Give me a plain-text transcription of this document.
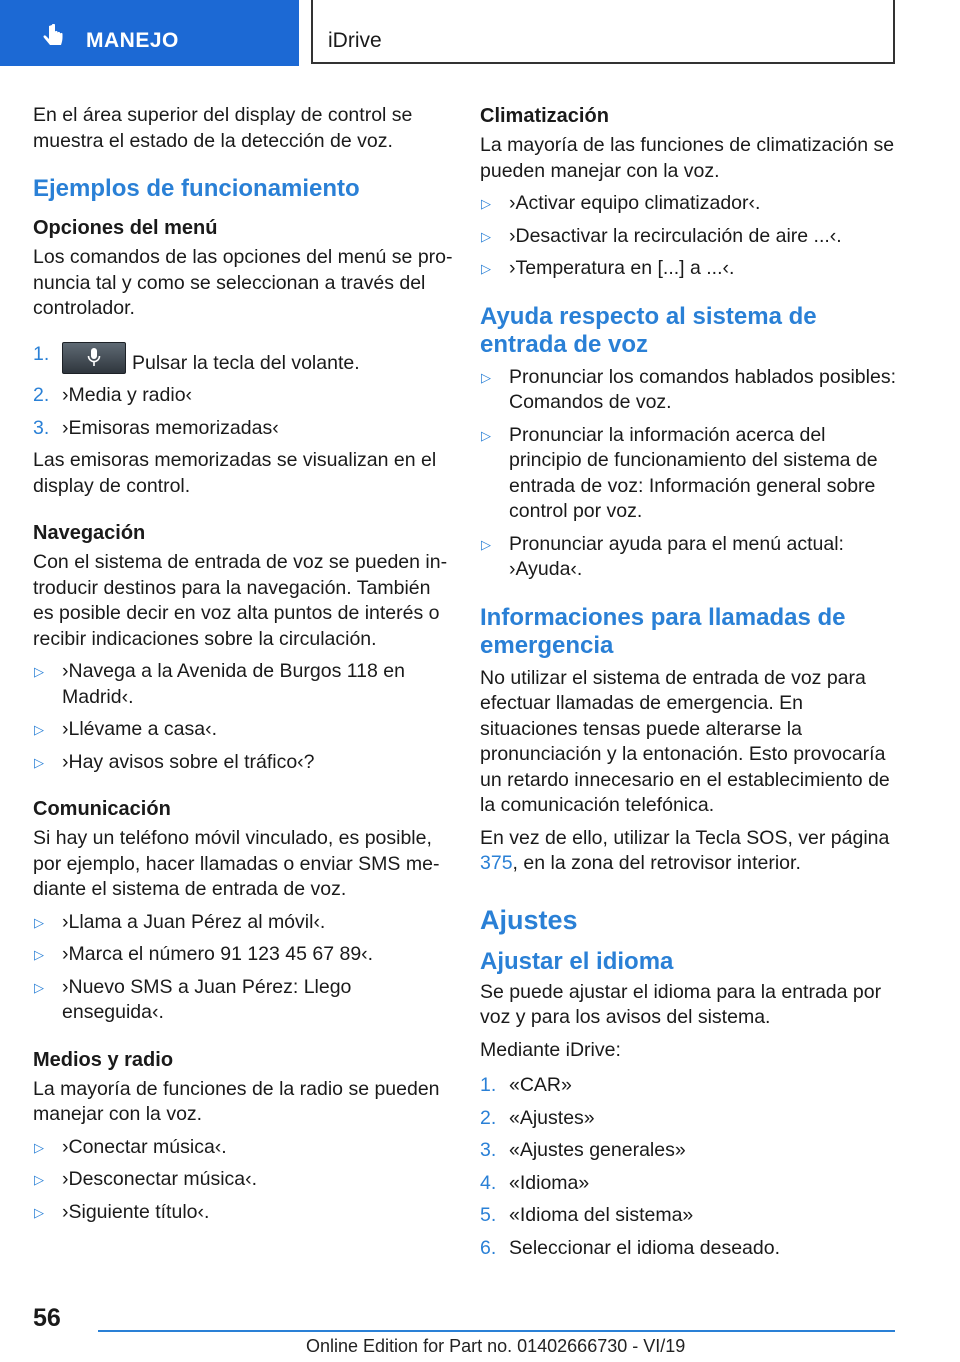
MANEJO	iDrive

En el área superior del display de control se muestra el estado de la detección de voz.

Ejemplos de funcionamiento
Opciones del menú

Los comandos de las opciones del menú se pronuncia tal y como se seleccionan a través del controlador.

1.	Pulsar la tecla del volante.
2. ›Media y radio‹
3. ›Emisoras memorizadas‹

Las emisoras memorizadas se visualizan en el display de control.

Navegación

Con el sistema de entrada de voz se pueden introducir destinos para la navegación. También es posible decir en voz alta puntos de interés o recibir indicaciones sobre la circulación.

▷ ›Navega a la Avenida de Burgos 118 en Madrid‹.
▷ ›Llévame a casa‹.
▷ ›Hay avisos sobre el tráfico‹?
Comunicación

Si hay un teléfono móvil vinculado, es posible, por ejemplo, hacer llamadas o enviar SMS mediante el sistema de entrada de voz.

▷ ›Llama a Juan Pérez al móvil‹.
▷ ›Marca el número 91 123 45 67 89‹.
▷ ›Nuevo SMS a Juan Pérez: Llego enseguida‹.
Medios y radio

La mayoría de funciones de la radio se pueden manejar con la voz.

▷ ›Conectar música‹.
▷ ›Desconectar música‹.
▷ ›Siguiente título‹.
Climatización

La mayoría de las funciones de climatización se pueden manejar con la voz.

▷ ›Activar equipo climatizador‹.
▷ ›Desactivar la recirculación de aire ...‹.
▷ ›Temperatura en [...] a ...‹.
Ayuda respecto al sistema de entrada de voz
▷ Pronunciar los comandos hablados posibles: Comandos de voz.
▷ Pronunciar la información acerca del principio de funcionamiento del sistema de entrada de voz: Información general sobre control por voz.
▷ Pronunciar ayuda para el menú actual: ›Ayuda‹.
Informaciones para llamadas de emergencia

No utilizar el sistema de entrada de voz para efectuar llamadas de emergencia. En situaciones tensas puede alterarse la pronunciación y la entonación. Esto provocaría un retardo innecesario en el establecimiento de la comunicación telefónica.

En vez de ello, utilizar la Tecla SOS, ver página 375, en la zona del retrovisor interior.

Ajustes
Ajustar el idioma

Se puede ajustar el idioma para la entrada por voz y para los avisos del sistema.

Mediante iDrive:

1. «CAR»
2. «Ajustes»
3. «Ajustes generales»
4. «Idioma»
5. «Idioma del sistema»
6. Seleccionar el idioma deseado.
56
Online Edition for Part no. 01402666730 - VI/19
